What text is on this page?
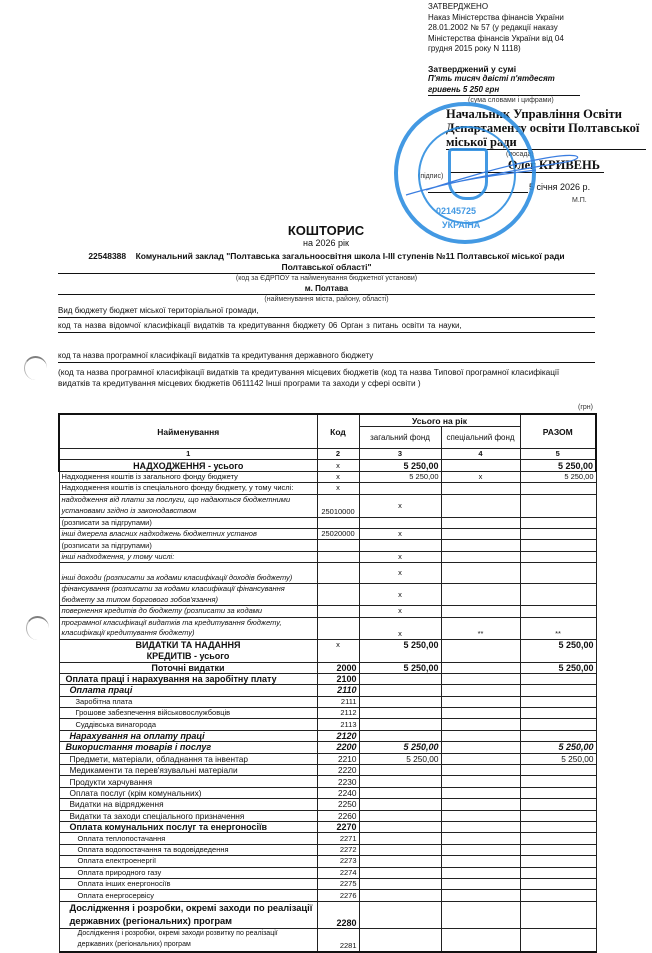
ЗАТВЕРДЖЕНО
Наказ Міністерства фінансів України
28.01.2002 № 57 (у редакції наказу
Міністерства фінансів України від 04
грудня 2015 року N 1118)
Затверджений у сумі
П'ять тисяч двісті п'ятдесят
гривень 5 250 грн
(сума словами і цифрами)
Начальник Управління Освіти
Департаменту освіти Полтавської
міської ради
(посада)
Олег КРИВЕНЬ
(підпис)
5 січня 2026 р.
М.П.
02145725
УКРАЇНА
КОШТОРИС
на 2026 рік
22548388 Комунальний заклад "Полтавська загальноосвітня школа І-ІІІ ступенів №11 Полтавської міської ради
Полтавської області"
(код за ЄДРПОУ та найменування бюджетної установи)
м. Полтава
(найменування міста, району, області)
Вид бюджету бюджет міської територіальної громади,
код та назва відомчої класифікації видатків та кредитування бюджету 06 Орган з питань освіти та науки,
код та назва програмної класифікації видатків та кредитування державного бюджету
(код та назва програмної класифікації видатків та кредитування місцевих бюджетів (код та назва Типової програмної класифікації
видатків та кредитування місцевих бюджетів 0611142 Інші програми та заходи у сфері освіти )
(грн)
Найменування	Код	Усього на рік		РАЗОМ
		загальний фонд	спеціальний фонд	
1	2	3	4	5
НАДХОДЖЕННЯ - усього	х	5 250,00		5 250,00
Надходження коштів із загального фонду бюджету	х	5 250,00	х	5 250,00
Надходження коштів із спеціального фонду бюджету, у тому числі:	х			
надходження від плати за послуги, що надаються бюджетними
установами згідно із законодавством	25010000	х		
(розписати за підгрупами)				
інші джерела власних надходжень бюджетних установ	25020000	х		
(розписати за підгрупами)				
інші надходження, у тому числі:		х		
інші доходи (розписати за кодами класифікації доходів бюджету)		х		
фінансування (розписати за кодами класифікації фінансування
бюджету за типом боргового зобов'язання)		х		
повернення кредитів до бюджету (розписати за кодами		х		
програмної класифікації видатків та кредитування бюджету,
класифікації кредитування бюджету)		х	**	**
ВИДАТКИ ТА НАДАННЯ
КРЕДИТІВ - усього	х	5 250,00		5 250,00
Поточні видатки	2000	5 250,00		5 250,00
Оплата праці і нарахування на заробітну плату	2100			
Оплата праці	2110			
Заробітна плата	2111			
Грошове забезпечення військовослужбовців	2112			
Суддівська винагорода	2113			
Нарахування на оплату праці	2120			
Використання товарів і послуг	2200	5 250,00		5 250,00
Предмети, матеріали, обладнання та інвентар	2210	5 250,00		5 250,00
Медикаменти та перев'язувальні матеріали	2220			
Продукти харчування	2230			
Оплата послуг (крім комунальних)	2240			
Видатки на відрядження	2250			
Видатки та заходи спеціального призначення	2260			
Оплата комунальних послуг та енергоносіїв	2270			
Оплата теплопостачання	2271			
Оплата водопостачання та водовідведення	2272			
Оплата електроенергії	2273			
Оплата природного газу	2274			
Оплата інших енергоносіїв	2275			
Оплата енергосервісу	2276			
Дослідження і розробки, окремі заходи по реалізації
державних (регіональних) програм	2280			
Дослідження і розробки, окремі заходи розвитку по реалізації
державних (регіональних) програм	2281			
